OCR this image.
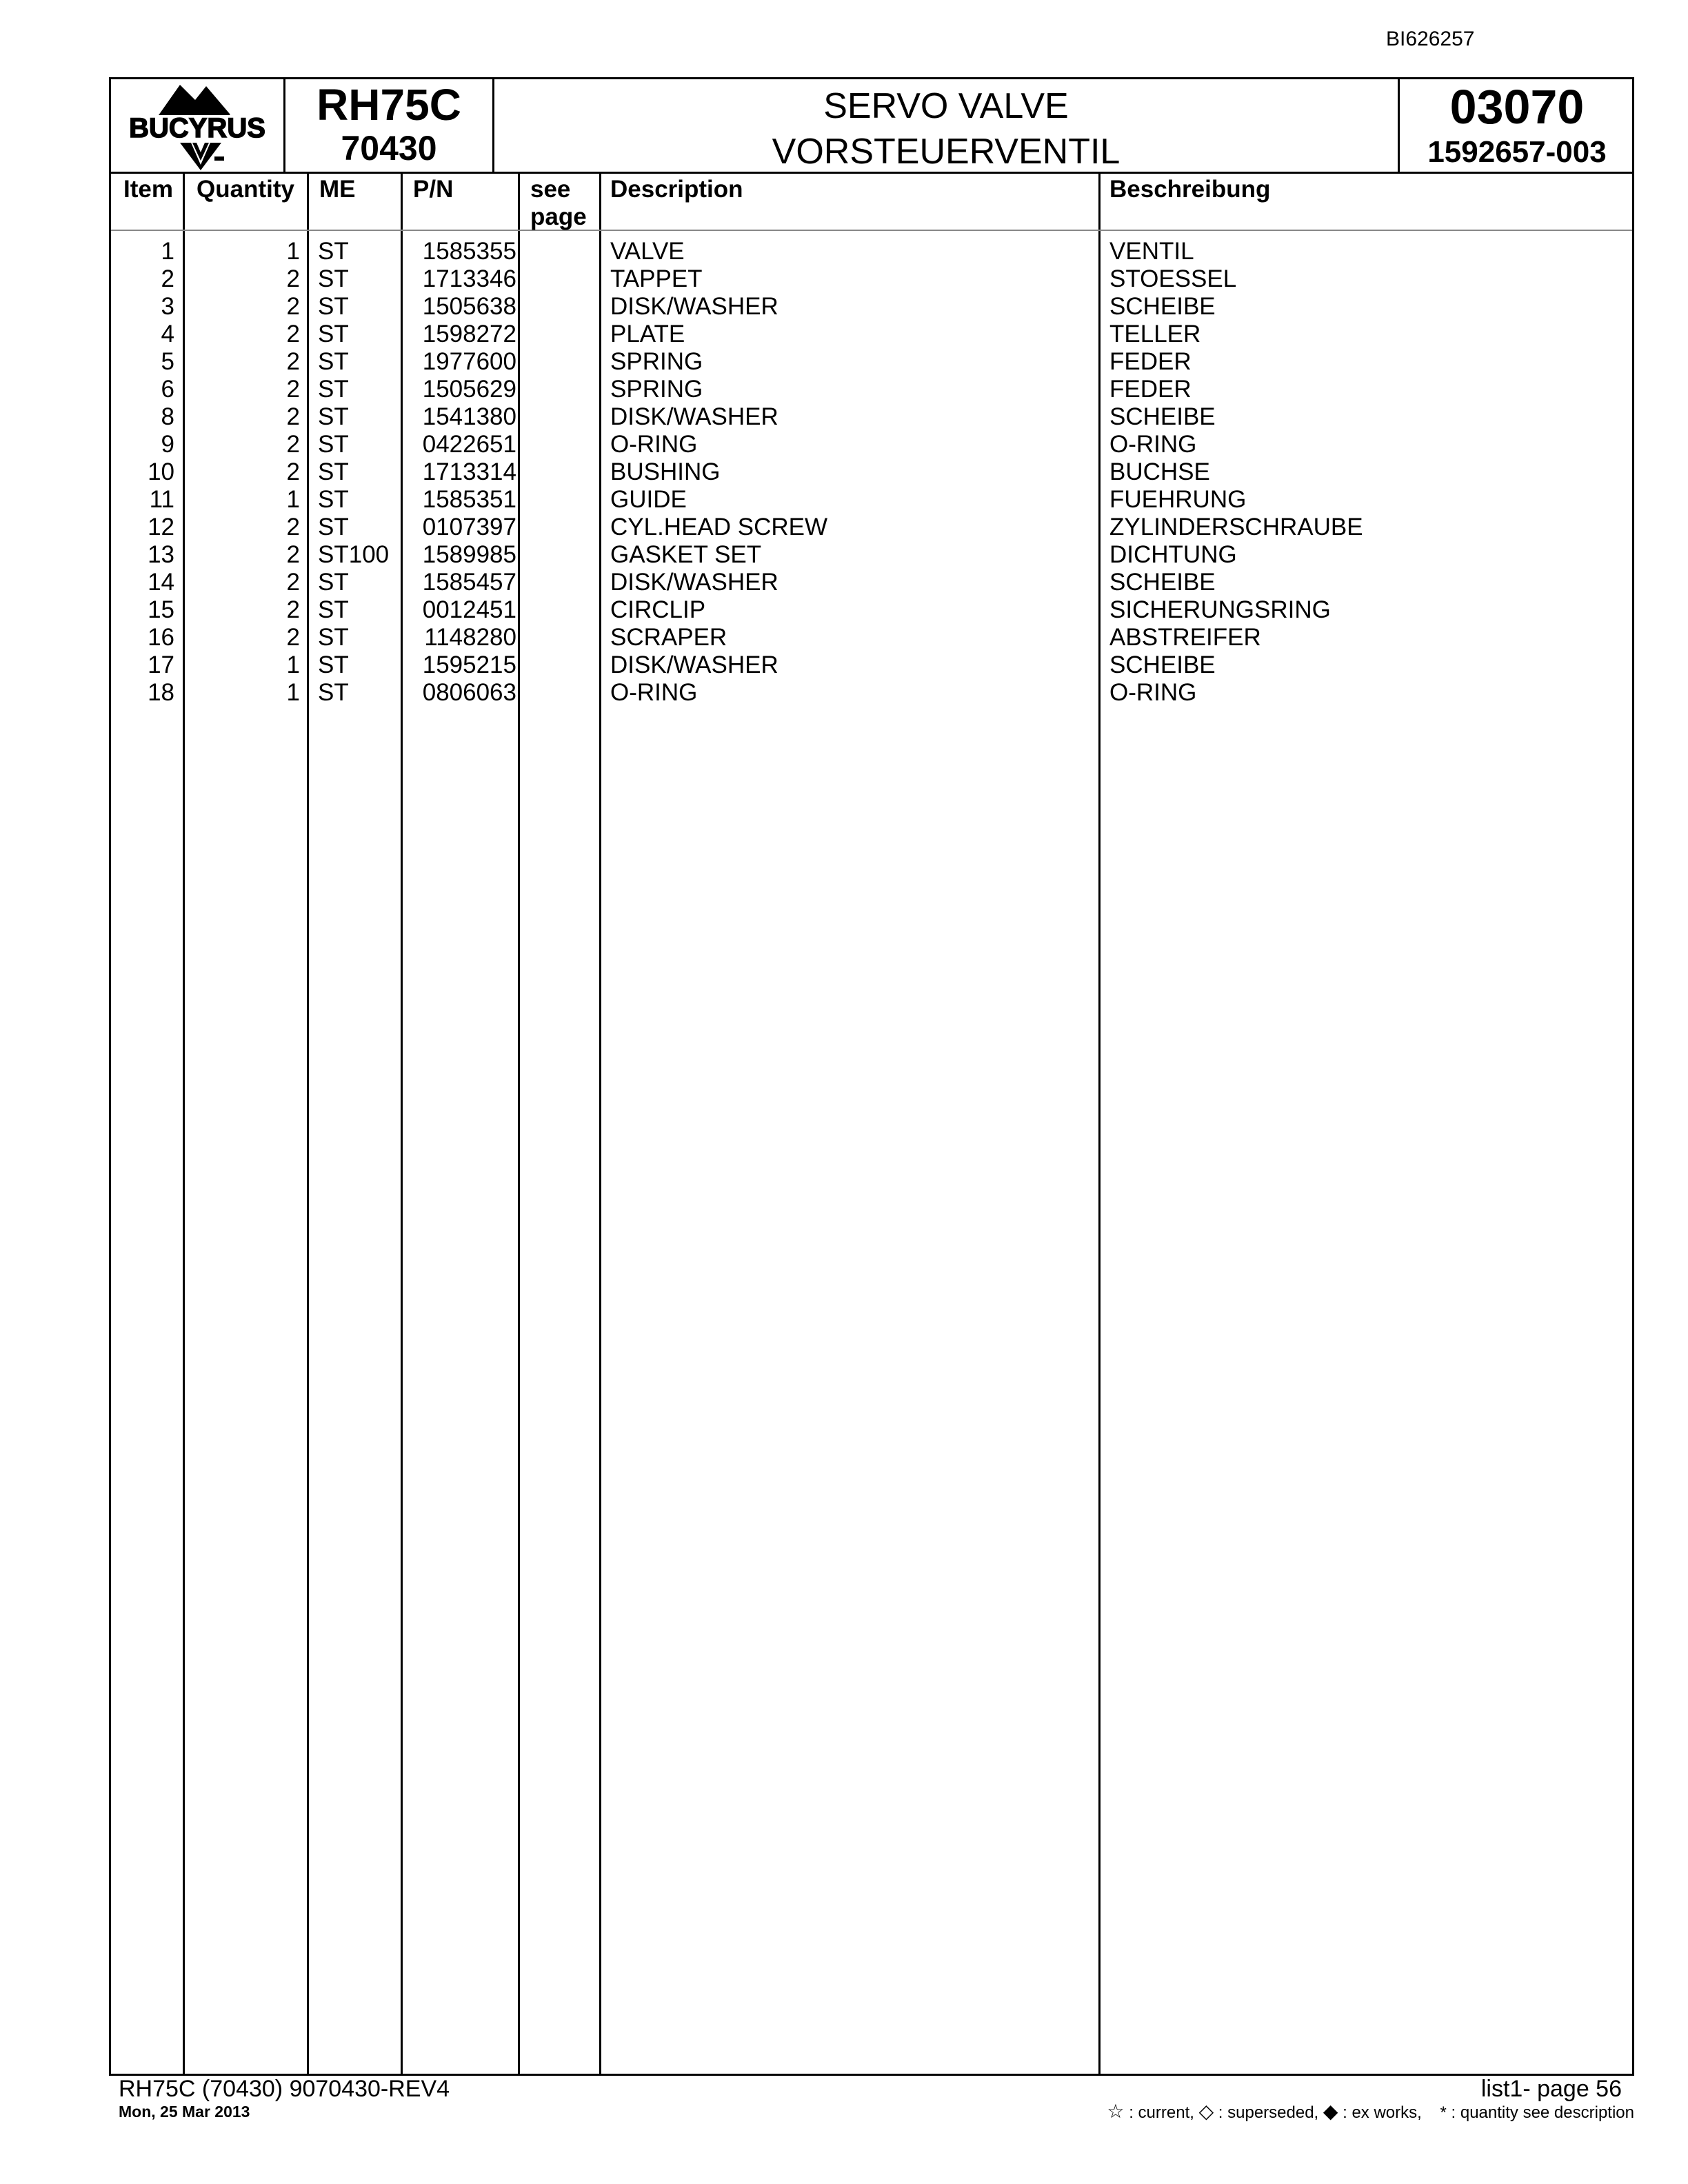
BI626257
BUCYRUS	RH75C
70430
SERVO VALVE
VORSTEUERVENTIL
03070
1592657-003
Item Quantity ME P/N	see
page
Description	Beschreibung
1	1 ST	1585355	VALVE	VENTIL
2	2 ST	1713346	TAPPET	STOESSEL
3	2 ST	1505638	DISK/WASHER	SCHEIBE
4	2 ST	1598272	PLATE	TELLER
5	2 ST	1977600	SPRING	FEDER
6	2 ST	1505629	SPRING	FEDER
8	2 ST	1541380	DISK/WASHER	SCHEIBE
9	2 ST	0422651	O-RING	O-RING
10	2 ST	1713314	BUSHING	BUCHSE
11	1 ST	1585351	GUIDE	FUEHRUNG
12	2 ST	0107397	CYL.HEAD SCREW	ZYLINDERSCHRAUBE
13	2 ST100	1589985	GASKET SET	DICHTUNG
14	2 ST	1585457	DISK/WASHER	SCHEIBE
15	2 ST	0012451	CIRCLIP	SICHERUNGSRING
16	2 ST	1148280	SCRAPER	ABSTREIFER
17	1 ST	1595215	DISK/WASHER	SCHEIBE
18	1 ST	0806063	O-RING	O-RING
RH75C (70430) 9070430-REV4
Mon, 25 Mar 2013
list1- page 56
☆ : current, ◇ : superseded, ◆ : ex works, * : quantity see description
